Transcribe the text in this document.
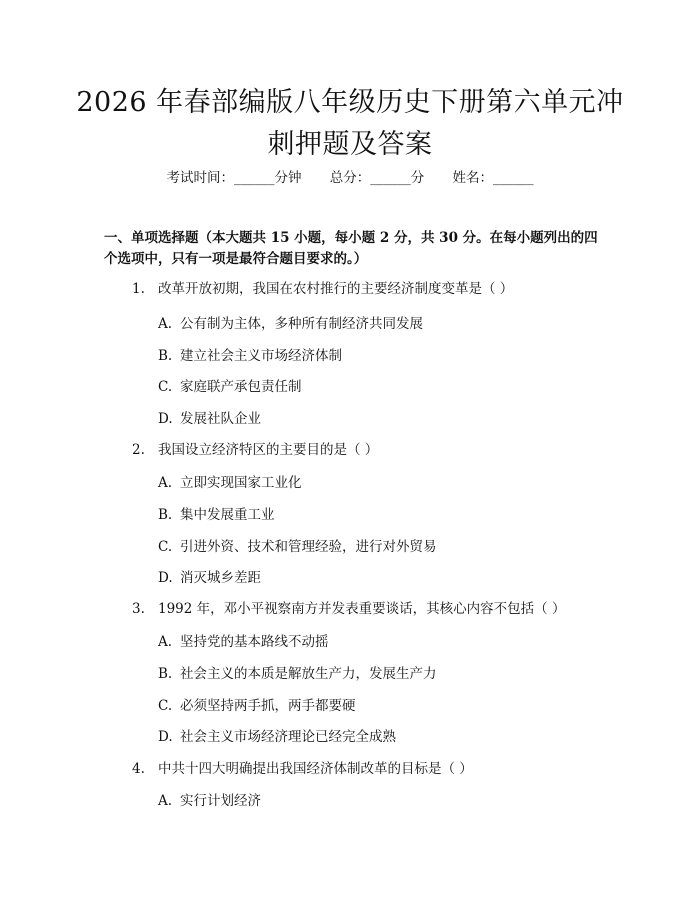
2026 年春部编版八年级历史下册第六单元冲
刺押题及答案
考试时间：______分钟 总分：______分 姓名：______
一、单项选择题（本大题共 15 小题，每小题 2 分，共 30 分。在每小题列出的四
个选项中，只有一项是最符合题目要求的。）
1. 改革开放初期，我国在农村推行的主要经济制度变革是（ ）
A. 公有制为主体，多种所有制经济共同发展
B. 建立社会主义市场经济体制
C. 家庭联产承包责任制
D. 发展社队企业
2. 我国设立经济特区的主要目的是（ ）
A. 立即实现国家工业化
B. 集中发展重工业
C. 引进外资、技术和管理经验，进行对外贸易
D. 消灭城乡差距
3. 1992 年，邓小平视察南方并发表重要谈话，其核心内容不包括（ ）
A. 坚持党的基本路线不动摇
B. 社会主义的本质是解放生产力，发展生产力
C. 必须坚持两手抓，两手都要硬
D. 社会主义市场经济理论已经完全成熟
4. 中共十四大明确提出我国经济体制改革的目标是（ ）
A. 实行计划经济
